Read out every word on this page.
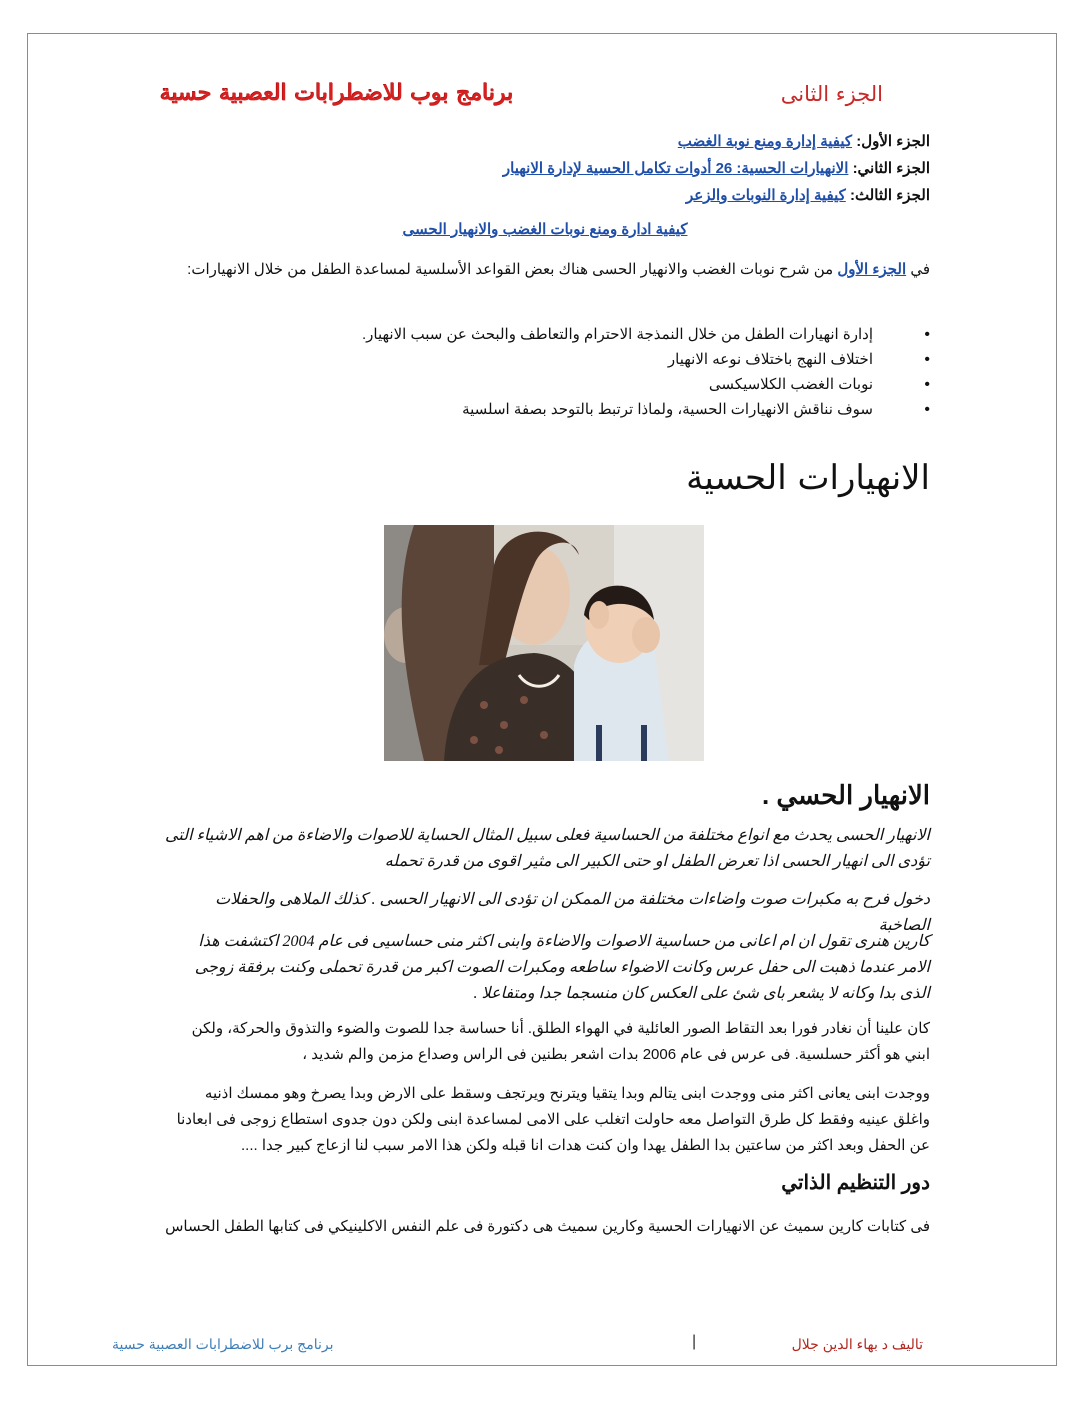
برنامج بوب للاضطرابات العصبية حسية	الجزء الثانى
الجزء الأول: كيفية إدارة ومنع نوبة الغضب
الجزء الثاني: الانهيارات الحسية: 26 أدوات تكامل الحسية لإدارة الانهيار
الجزء الثالث: كيفية إدارة النوبات والزعر
كيفية ادارة ومنع نوبات الغضب والانهيار الحسى
في الجزء الأول من شرح نوبات الغضب والانهيار الحسى هناك بعض القواعد الأسلسية لمساعدة الطفل من خلال الانهيارات:
• إدارة انهيارات الطفل من خلال النمذجة الاحترام والتعاطف والبحث عن سبب الانهيار.
• اختلاف النهج باختلاف نوعه الانهيار
• نوبات الغضب الكلاسيكسى
• سوف نناقش الانهيارات الحسية، ولماذا ترتبط بالتوحد بصفة اسلسية
الانهيارات الحسية
الانهيار الحسي .
الانهيار الحسى يحدث مع انواع مختلفة من الحساسية فعلى سبيل المثال الحساية للاصوات والاضاءة من اهم الاشياء التى تؤدى الى انهيار الحسى اذا تعرض الطفل او حتى الكبير الى مثير اقوى من قدرة تحمله
دخول فرح به مكبرات صوت واضاءات مختلفة من الممكن ان تؤدى الى الانهيار الحسى . كذلك الملاهى والحفلات الصاخبة
كارين هنرى تقول ان ام اعانى من حساسية الاصوات والاضاءة وابنى اكثر منى حساسيى فى عام 2004 اكتشفت هذا الامر عندما ذهبت الى حفل عرس وكانت الاضواء ساطعه ومكبرات الصوت اكبر من قدرة تحملى وكنت برفقة زوجى الذى بدا وكانه لا يشعر باى شئ على العكس كان منسجما جدا ومتفاعلا .
كان علينا أن نغادر فورا بعد التقاط الصور العائلية في الهواء الطلق. أنا حساسة جدا للصوت والضوء والتذوق والحركة، ولكن ابني هو أكثر حسلسية. فى عرس فى عام 2006 بدات اشعر بطنين فى الراس وصداع مزمن والم شديد ،
ووجدت ابنى يعانى اكثر منى ووجدت ابنى يتالم وبدا يتقيا ويترنح ويرتجف وسقط على الارض وبدا يصرخ وهو ممسك اذنيه واغلق عينيه وفقط كل طرق التواصل معه حاولت اتغلب على الامى لمساعدة ابنى ولكن دون جدوى استطاع زوجى فى ابعادنا عن الحفل وبعد اكثر من ساعتين بدا الطفل يهدا وان كنت هدات انا قبله ولكن هذا الامر سبب لنا ازعاج كبير جدا ....
دور التنظيم الذاتي
فى كتابات كارين سميث عن الانهيارات الحسية وكارين سميث هى دكتورة فى علم النفس الاكلينيكي فى كتابها الطفل الحساس
برنامج برب للاضطرابات العصبية حسية	|	تاليف د بهاء الدين جلال
